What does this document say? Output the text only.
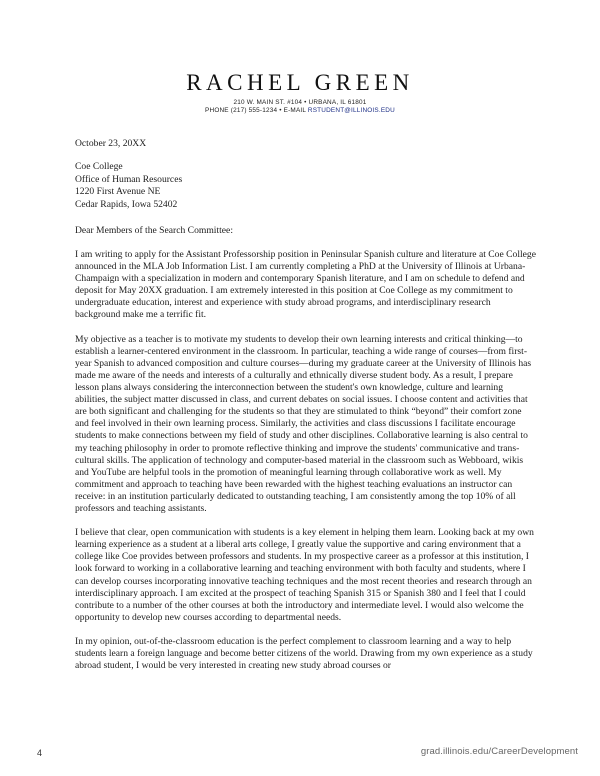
RACHEL GREEN
210 W. MAIN ST. #104 • URBANA, IL 61801
PHONE (217) 555-1234 • E-MAIL RSTUDENT@ILLINOIS.EDU
October 23, 20XX
Coe College
Office of Human Resources
1220 First Avenue NE
Cedar Rapids, Iowa 52402
Dear Members of the Search Committee:

I am writing to apply for the Assistant Professorship position in Peninsular Spanish culture and literature at Coe College announced in the MLA Job Information List. I am currently completing a PhD at the University of Illinois at Urbana-Champaign with a specialization in modern and contemporary Spanish literature, and I am on schedule to defend and deposit for May 20XX graduation. I am extremely interested in this position at Coe College as my commitment to undergraduate education, interest and experience with study abroad programs, and interdisciplinary research background make me a terrific fit.

My objective as a teacher is to motivate my students to develop their own learning interests and critical thinking—to establish a learner-centered environment in the classroom. In particular, teaching a wide range of courses—from first-year Spanish to advanced composition and culture courses—during my graduate career at the University of Illinois has made me aware of the needs and interests of a culturally and ethnically diverse student body. As a result, I prepare lesson plans always considering the interconnection between the student's own knowledge, culture and learning abilities, the subject matter discussed in class, and current debates on social issues. I choose content and activities that are both significant and challenging for the students so that they are stimulated to think “beyond” their comfort zone and feel involved in their own learning process. Similarly, the activities and class discussions I facilitate encourage students to make connections between my field of study and other disciplines. Collaborative learning is also central to my teaching philosophy in order to promote reflective thinking and improve the students' communicative and trans-cultural skills. The application of technology and computer-based material in the classroom such as Webboard, wikis and YouTube are helpful tools in the promotion of meaningful learning through collaborative work as well. My commitment and approach to teaching have been rewarded with the highest teaching evaluations an instructor can receive: in an institution particularly dedicated to outstanding teaching, I am consistently among the top 10% of all professors and teaching assistants.

I believe that clear, open communication with students is a key element in helping them learn. Looking back at my own learning experience as a student at a liberal arts college, I greatly value the supportive and caring environment that a college like Coe provides between professors and students. In my prospective career as a professor at this institution, I look forward to working in a collaborative learning and teaching environment with both faculty and students, where I can develop courses incorporating innovative teaching techniques and the most recent theories and research through an interdisciplinary approach. I am excited at the prospect of teaching Spanish 315 or Spanish 380 and I feel that I could contribute to a number of the other courses at both the introductory and intermediate level. I would also welcome the opportunity to develop new courses according to departmental needs.

In my opinion, out-of-the-classroom education is the perfect complement to classroom learning and a way to help students learn a foreign language and become better citizens of the world. Drawing from my own experience as a study abroad student, I would be very interested in creating new study abroad courses or

4	grad.illinois.edu/CareerDevelopment
